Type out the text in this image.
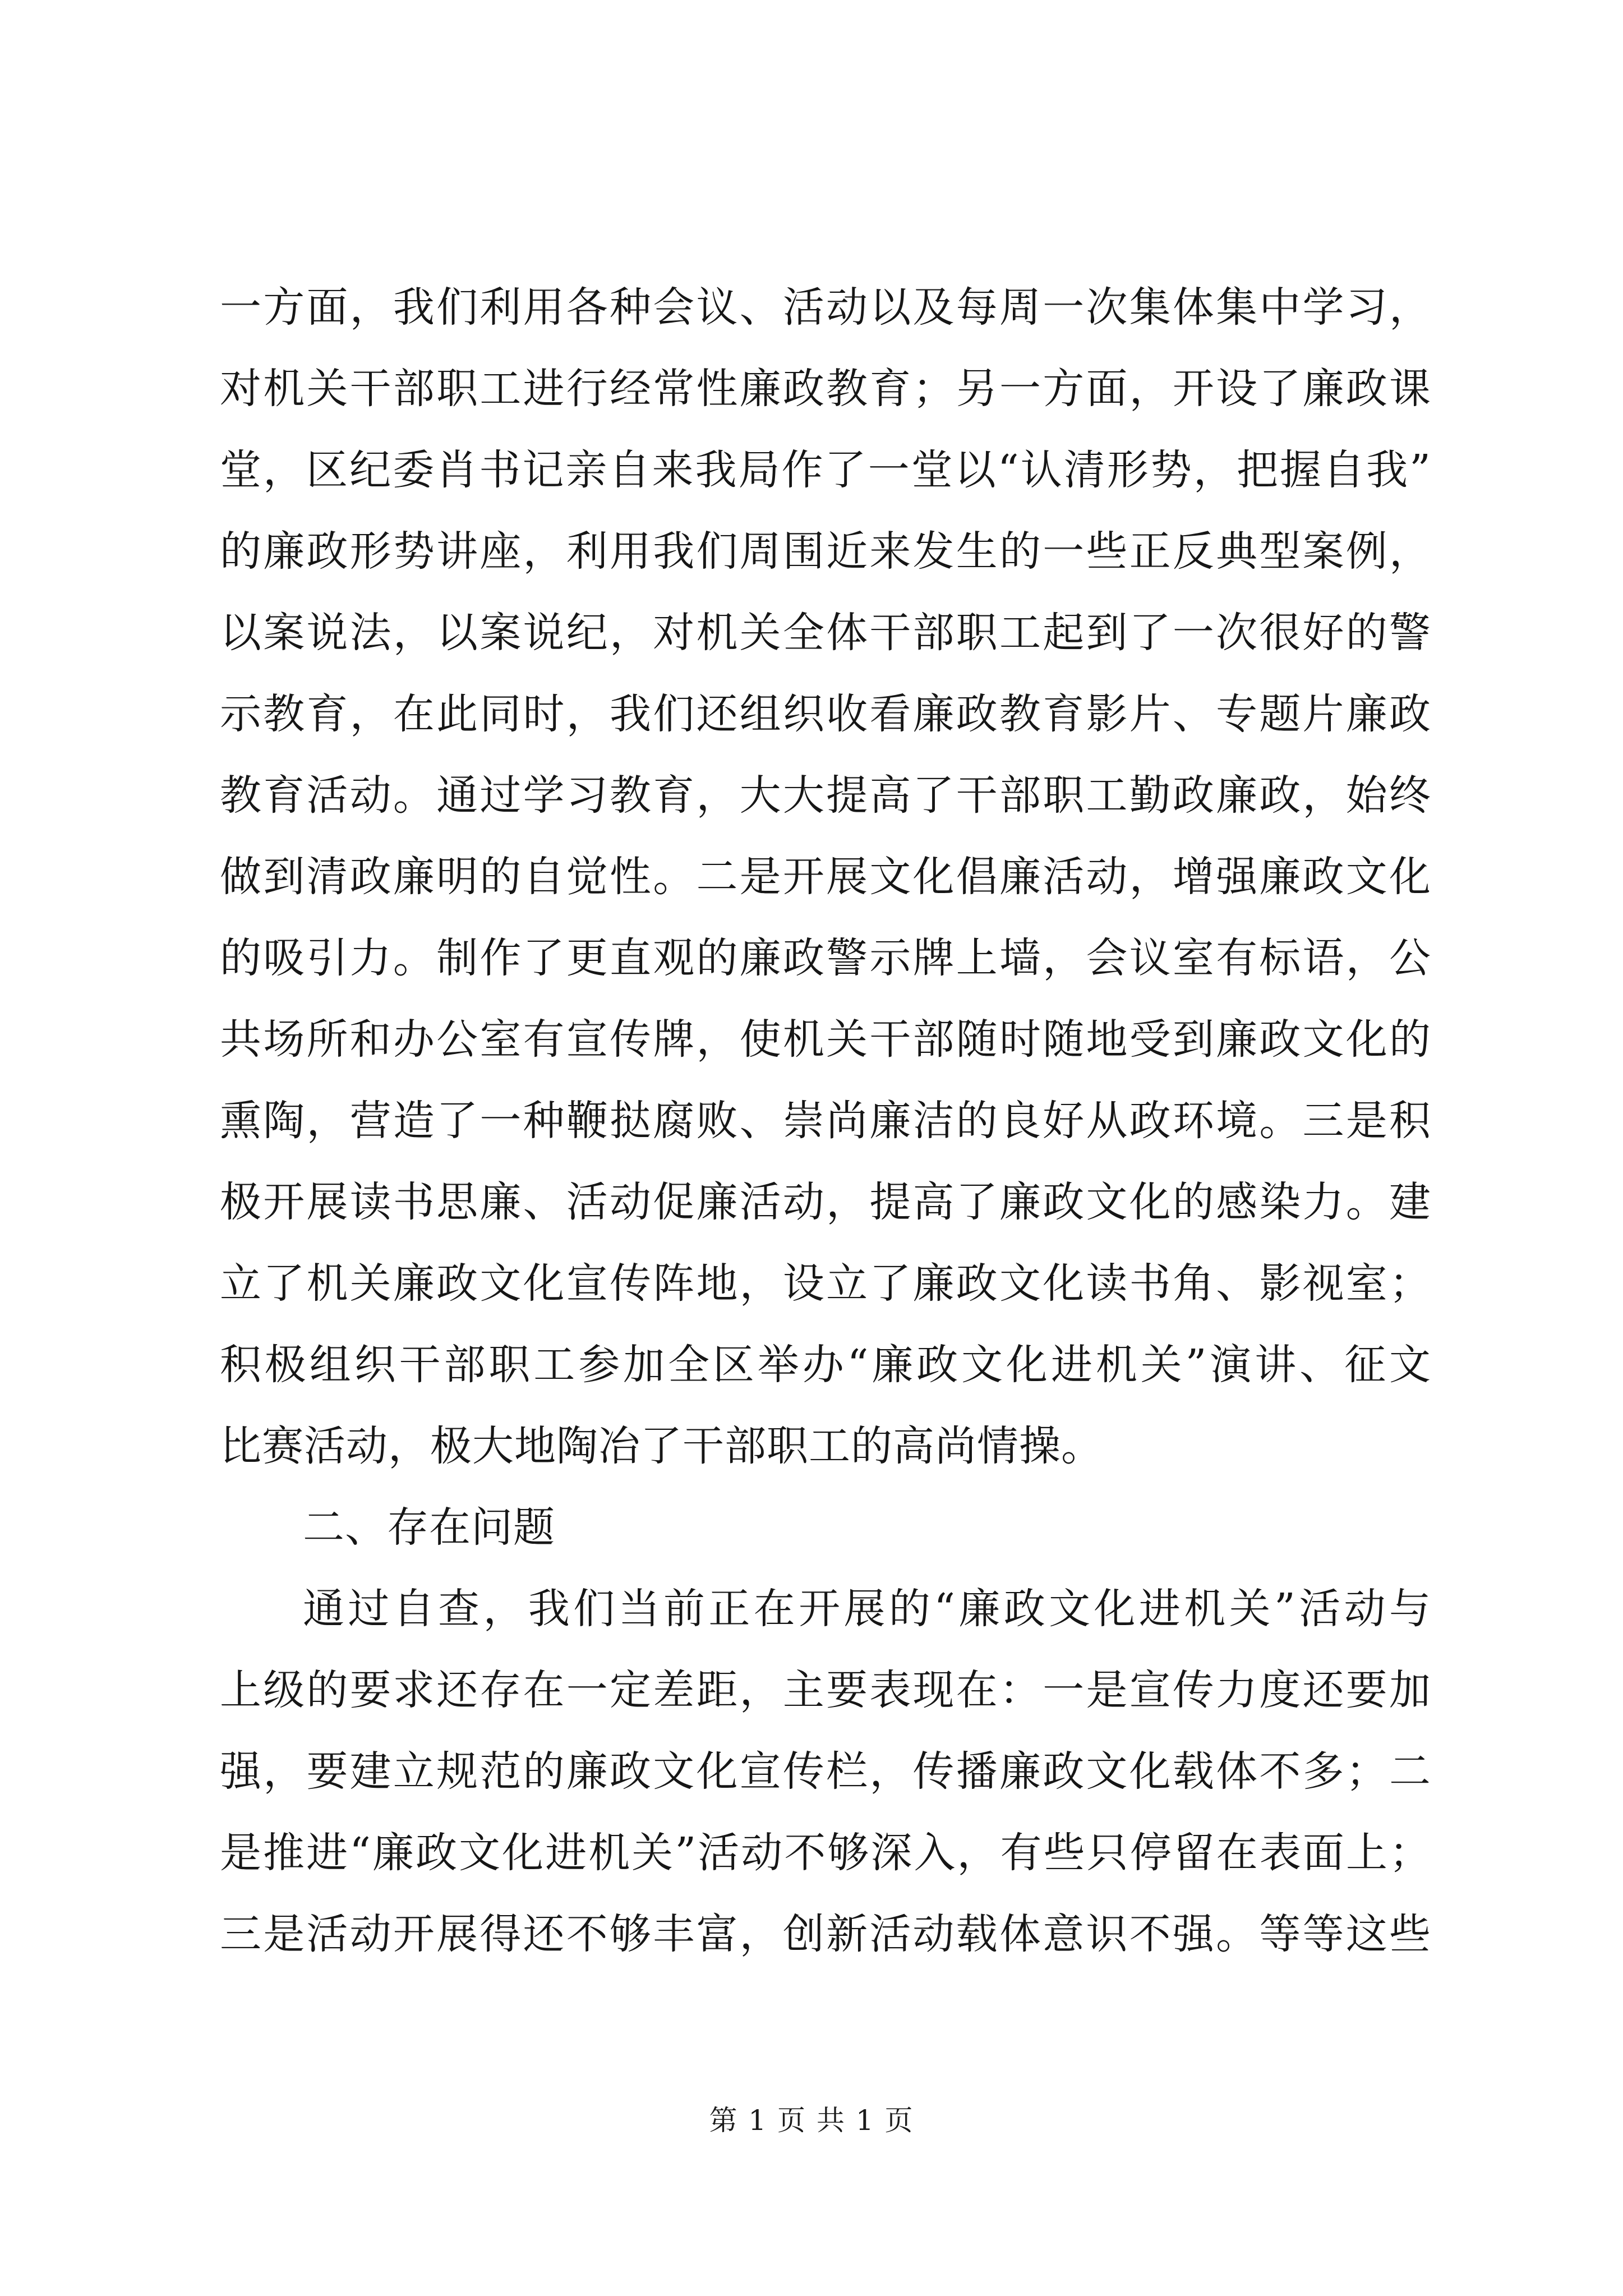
一方面，我们利用各种会议、活动以及每周一次集体集中学习，
对机关干部职工进行经常性廉政教育；另一方面，开设了廉政课
堂，区纪委肖书记亲自来我局作了一堂以“认清形势，把握自我”
的廉政形势讲座，利用我们周围近来发生的一些正反典型案例，
以案说法，以案说纪，对机关全体干部职工起到了一次很好的警
示教育，在此同时，我们还组织收看廉政教育影片、专题片廉政
教育活动。通过学习教育，大大提高了干部职工勤政廉政，始终
做到清政廉明的自觉性。二是开展文化倡廉活动，增强廉政文化
的吸引力。制作了更直观的廉政警示牌上墙，会议室有标语，公
共场所和办公室有宣传牌，使机关干部随时随地受到廉政文化的
熏陶，营造了一种鞭挞腐败、崇尚廉洁的良好从政环境。三是积
极开展读书思廉、活动促廉活动，提高了廉政文化的感染力。建
立了机关廉政文化宣传阵地，设立了廉政文化读书角、影视室；
积极组织干部职工参加全区举办“廉政文化进机关”演讲、征文
比赛活动，极大地陶冶了干部职工的高尚情操。
二、存在问题
通过自查，我们当前正在开展的“廉政文化进机关”活动与
上级的要求还存在一定差距，主要表现在：一是宣传力度还要加
强，要建立规范的廉政文化宣传栏，传播廉政文化载体不多；二
是推进“廉政文化进机关”活动不够深入，有些只停留在表面上；
三是活动开展得还不够丰富，创新活动载体意识不强。等等这些
第 1 页 共 1 页
